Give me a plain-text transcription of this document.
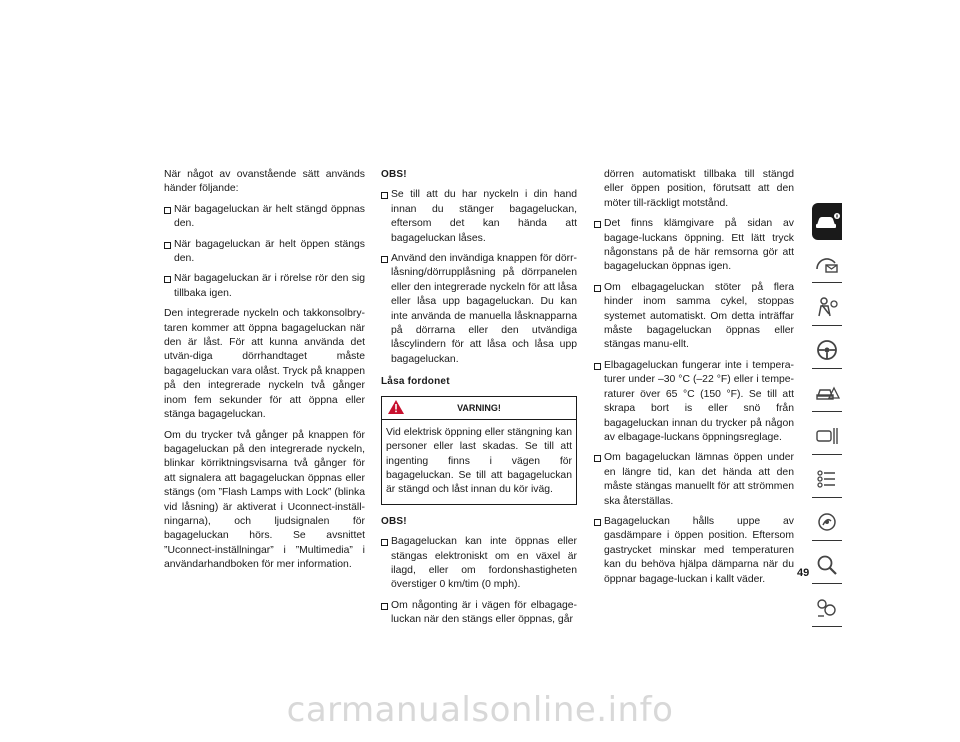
När något av ovanstående sätt används händer följande:

När bagageluckan är helt stängd öppnas den.
När bagageluckan är helt öppen stängs den.
När bagageluckan är i rörelse rör den sig tillbaka igen.

Den integrerade nyckeln och takkonsolbry-taren kommer att öppna bagageluckan när den är låst. För att kunna använda det utvän-diga dörrhandtaget måste bagageluckan vara olåst. Tryck på knappen på den integrerade nyckeln två gånger inom fem sekunder för att öppna eller stänga bagageluckan.

Om du trycker två gånger på knappen för bagageluckan på den integrerade nyckeln, blinkar körriktningsvisarna två gånger för att signalera att bagageluckan öppnas eller stängs (om ”Flash Lamps with Lock” (blinka vid låsning) är aktiverat i Uconnect-inställ-ningarna), och ljudsignalen för bagageluckan hörs. Se avsnittet ”Uconnect-inställningar” i ”Multimedia” i användarhandboken för mer information.

OBS!
Se till att du har nyckeln i din hand innan du stänger bagageluckan, eftersom det kan hända att bagageluckan låses.
Använd den invändiga knappen för dörr-låsning/dörrupplåsning på dörrpanelen eller den integrerade nyckeln för att låsa eller låsa upp bagageluckan. Du kan inte använda de manuella låsknapparna på dörrarna eller den utvändiga låscylindern för att låsa och låsa upp bagageluckan.
Låsa fordonet
VARNING!
Vid elektrisk öppning eller stängning kan personer eller last skadas. Se till att ingenting finns i vägen för bagageluckan. Se till att bagageluckan är stängd och låst innan du kör iväg.
OBS!
Bagageluckan kan inte öppnas eller stängas elektroniskt om en växel är ilagd, eller om fordonshastigheten överstiger 0 km/tim (0 mph).
Om någonting är i vägen för elbagage-luckan när den stängs eller öppnas, går

dörren automatiskt tillbaka till stängd eller öppen position, förutsatt att den möter till-räckligt motstånd.

Det finns klämgivare på sidan av bagage-luckans öppning. Ett lätt tryck någonstans på de här remsorna gör att bagageluckan öppnas igen.
Om elbagageluckan stöter på flera hinder inom samma cykel, stoppas systemet automatiskt. Om detta inträffar måste bagageluckan öppnas eller stängas manu-ellt.
Elbagageluckan fungerar inte i tempera-turer under –30 °C (–22 °F) eller i tempe-raturer över 65 °C (150 °F). Se till att skrapa bort is eller snö från bagageluckan innan du trycker på någon av elbagage-luckans öppningsreglage.
Om bagageluckan lämnas öppen under en längre tid, kan det hända att den måste stängas manuellt för att strömmen ska återställas.
Bagageluckan hålls uppe av gasdämpare i öppen position. Eftersom gastrycket minskar med temperaturen kan du behöva hjälpa dämparna när du öppnar bagage-luckan i kallt väder.
49
carmanualsonline.info
